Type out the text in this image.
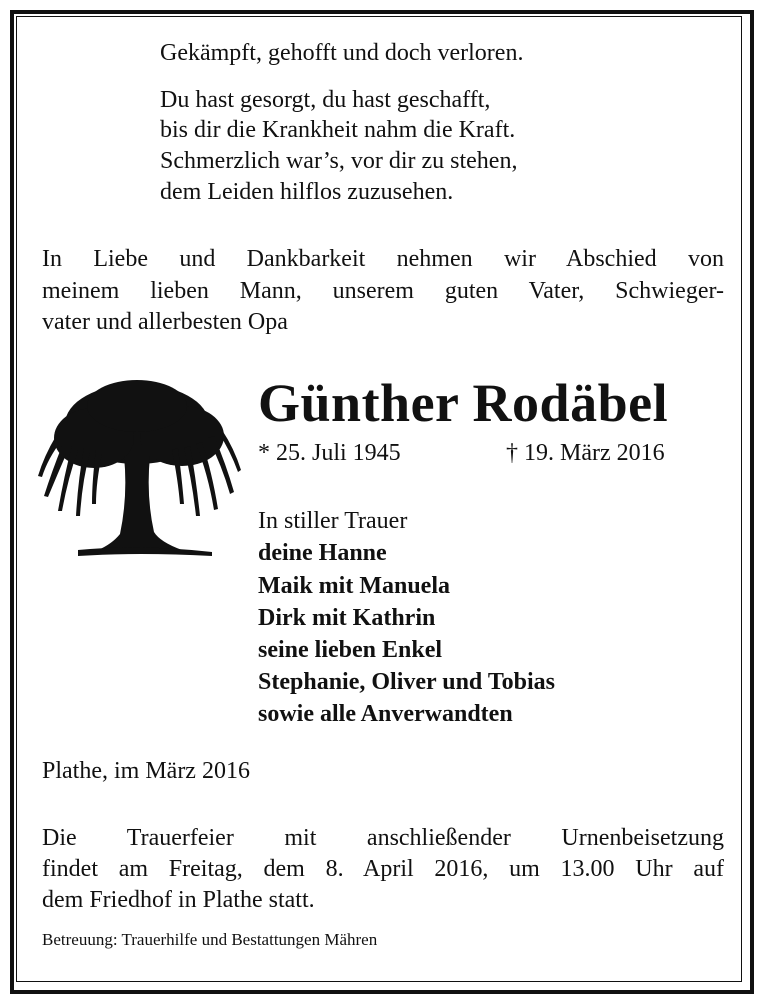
Gekämpft, gehofft und doch verloren.
Du hast gesorgt, du hast geschafft,
bis dir die Krankheit nahm die Kraft.
Schmerzlich war’s, vor dir zu stehen,
dem Leiden hilflos zuzusehen.
In Liebe und Dankbarkeit nehmen wir Abschied von
meinem lieben Mann, unserem guten Vater, Schwieger-
vater und allerbesten Opa
Günther Rodäbel
* 25. Juli 1945	† 19. März 2016
In stiller Trauer
deine Hanne
Maik mit Manuela
Dirk mit Kathrin
seine lieben Enkel
Stephanie, Oliver und Tobias
sowie alle Anverwandten
Plathe, im März 2016
Die Trauerfeier mit anschließender Urnenbeisetzung
findet am Freitag, dem 8. April 2016, um 13.00 Uhr auf
dem Friedhof in Plathe statt.
Betreuung: Trauerhilfe und Bestattungen Mähren
